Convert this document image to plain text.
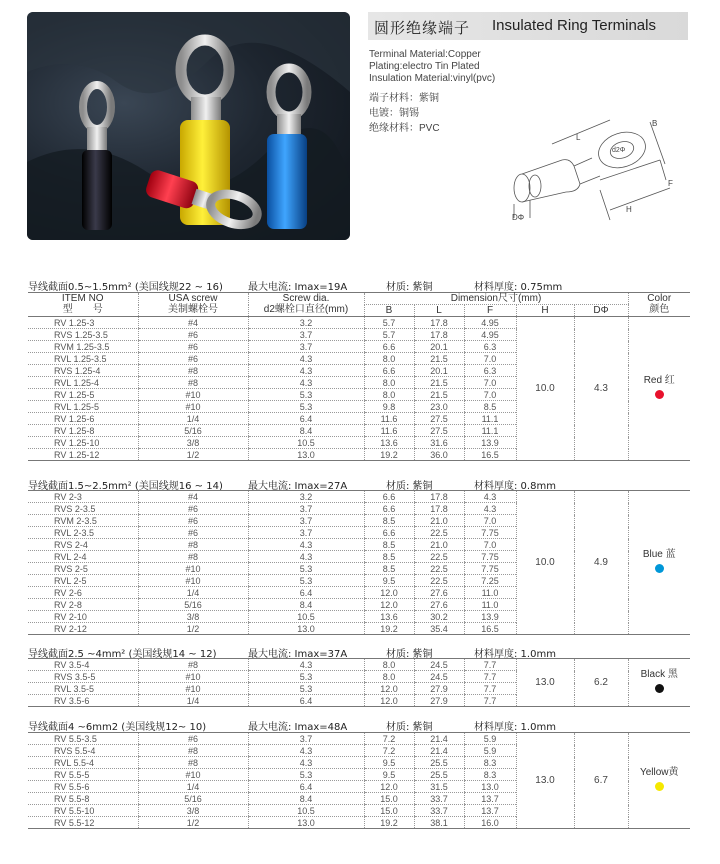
圆形绝缘端子 Insulated Ring Terminals
Terminal Material:Copper
Plating:electro Tin Plated
Insulation Material:vinyl(pvc)
端子材料：紫铜
电镀：铜锡
绝缘材料：PVC	B
L
d2Φ
F
H
DΦ
导线截面0.5~1.5mm² (美国线规22 ~ 16)	最大电流: Imax=19A	材质: 紫铜	材料厚度: 0.75mm
ITEM NO	USA screw	Screw dia.	Dimension尺寸(mm)					Color
型　　号	美制螺栓号	d2螺栓口直径(mm)	B	L	F	H	DΦ	颜色
RV 1.25-3	#4	3.2	5.7	17.8	4.95	10.0	4.3	Red 红

RVS 1.25-3.5	#6	3.7	5.7	17.8	4.95			
RVM 1.25-3.5	#6	3.7	6.6	20.1	6.3			
RVL 1.25-3.5	#6	4.3	8.0	21.5	7.0			
RVS 1.25-4	#8	4.3	6.6	20.1	6.3			
RVL 1.25-4	#8	4.3	8.0	21.5	7.0			
RV 1.25-5	#10	5.3	8.0	21.5	7.0			
RVL 1.25-5	#10	5.3	9.8	23.0	8.5			
RV 1.25-6	1/4	6.4	11.6	27.5	11.1			
RV 1.25-8	5/16	8.4	11.6	27.5	11.1			
RV 1.25-10	3/8	10.5	13.6	31.6	13.9			
RV 1.25-12	1/2	13.0	19.2	36.0	16.5			
导线截面1.5~2.5mm² (美国线规16 ~ 14)	最大电流: Imax=27A	材质: 紫铜	材料厚度: 0.8mm
RV 2-3	#4	3.2	6.6	17.8	4.3	10.0	4.9	Blue 蓝

RVS 2-3.5	#6	3.7	6.6	17.8	4.3			
RVM 2-3.5	#6	3.7	8.5	21.0	7.0			
RVL 2-3.5	#6	3.7	6.6	22.5	7.75			
RVS 2-4	#8	4.3	8.5	21.0	7.0			
RVL 2-4	#8	4.3	8.5	22.5	7.75			
RVS 2-5	#10	5.3	8.5	22.5	7.75			
RVL 2-5	#10	5.3	9.5	22.5	7.25			
RV 2-6	1/4	6.4	12.0	27.6	11.0			
RV 2-8	5/16	8.4	12.0	27.6	11.0			
RV 2-10	3/8	10.5	13.6	30.2	13.9			
RV 2-12	1/2	13.0	19.2	35.4	16.5			
导线截面2.5 ~4mm² (美国线规14 ~ 12)	最大电流: Imax=37A	材质: 紫铜	材料厚度: 1.0mm
RV 3.5-4	#8	4.3	8.0	24.5	7.7	13.0	6.2	Black 黑

RVS 3.5-5	#10	5.3	8.0	24.5	7.7			
RVL 3.5-5	#10	5.3	12.0	27.9	7.7			
RV 3.5-6	1/4	6.4	12.0	27.9	7.7			
导线截面4 ~6mm2 (美国线规12~ 10)	最大电流: Imax=48A	材质: 紫铜	材料厚度: 1.0mm
RV 5.5-3.5	#6	3.7	7.2	21.4	5.9	13.0	6.7	Yellow黄

RVS 5.5-4	#8	4.3	7.2	21.4	5.9			
RVL 5.5-4	#8	4.3	9.5	25.5	8.3			
RV 5.5-5	#10	5.3	9.5	25.5	8.3			
RV 5.5-6	1/4	6.4	12.0	31.5	13.0			
RV 5.5-8	5/16	8.4	15.0	33.7	13.7			
RV 5.5-10	3/8	10.5	15.0	33.7	13.7			
RV 5.5-12	1/2	13.0	19.2	38.1	16.0			
